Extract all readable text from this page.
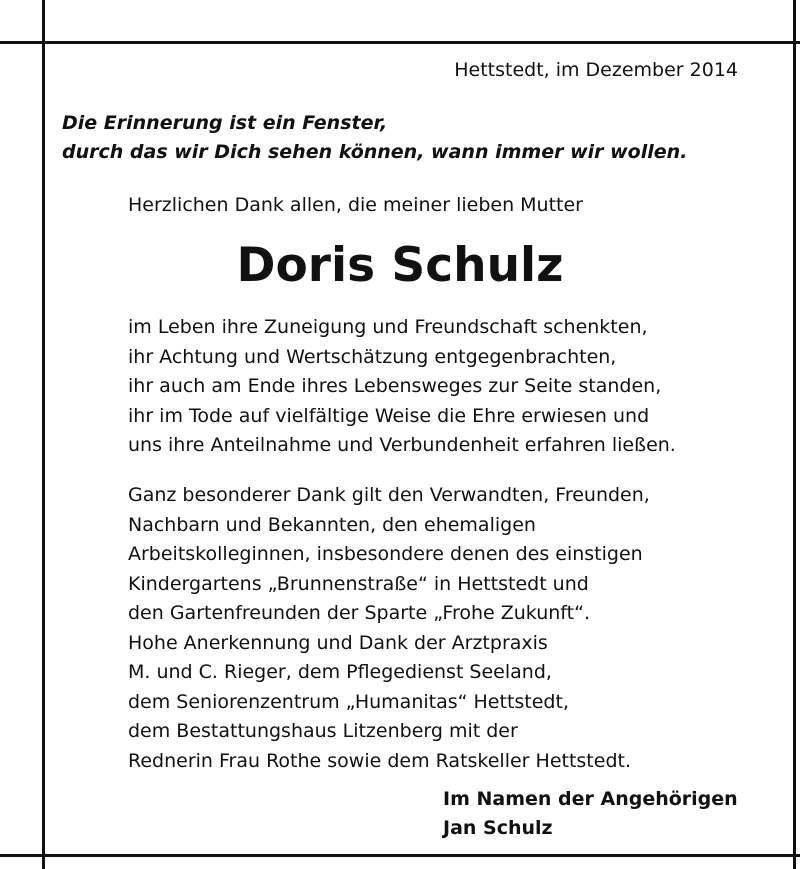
Hettstedt, im Dezember 2014
Die Erinnerung ist ein Fenster,
durch das wir Dich sehen können, wann immer wir wollen.
Herzlichen Dank allen, die meiner lieben Mutter
Doris Schulz
im Leben ihre Zuneigung und Freundschaft schenkten,
ihr Achtung und Wertschätzung entgegenbrachten,
ihr auch am Ende ihres Lebensweges zur Seite standen,
ihr im Tode auf vielfältige Weise die Ehre erwiesen und
uns ihre Anteilnahme und Verbundenheit erfahren ließen.
Ganz besonderer Dank gilt den Verwandten, Freunden,
Nachbarn und Bekannten, den ehemaligen
Arbeitskolleginnen, insbesondere denen des einstigen
Kindergartens „Brunnenstraße“ in Hettstedt und
den Gartenfreunden der Sparte „Frohe Zukunft“.
Hohe Anerkennung und Dank der Arztpraxis
M. und C. Rieger, dem Pflegedienst Seeland,
dem Seniorenzentrum „Humanitas“ Hettstedt,
dem Bestattungshaus Litzenberg mit der
Rednerin Frau Rothe sowie dem Ratskeller Hettstedt.
Im Namen der Angehörigen
Jan Schulz
